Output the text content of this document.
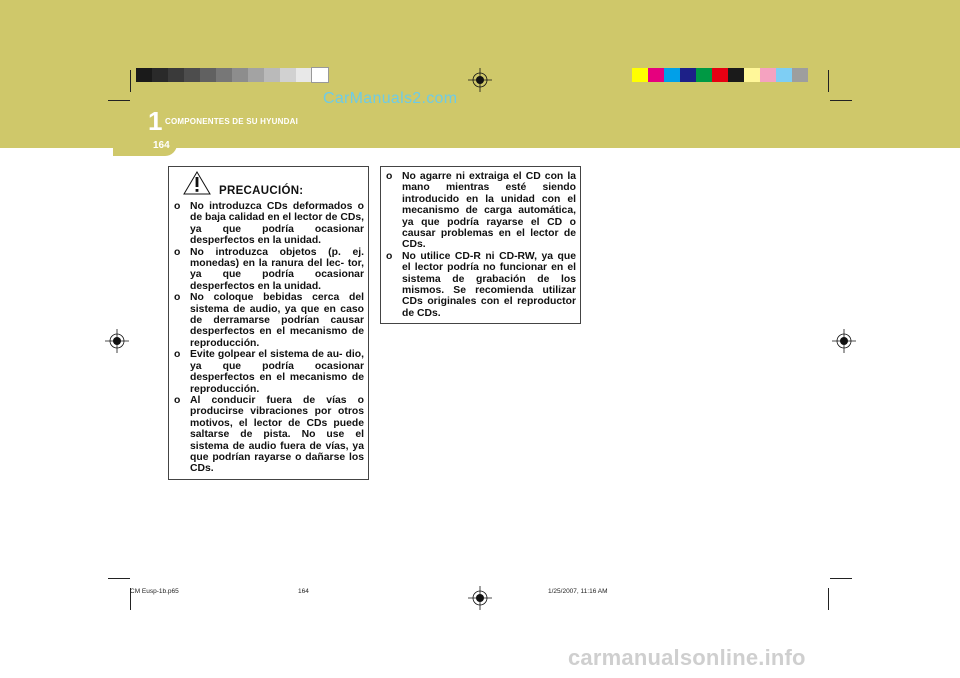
CarManuals2.com
1 COMPONENTES DE SU HYUNDAI
164
PRECAUCIÓN:
o No introduzca CDs deformados o de baja calidad en el lector de CDs, ya que podría ocasionar desperfectos en la unidad.
o No introduzca objetos (p. ej. monedas) en la ranura del lec- tor, ya que podría ocasionar desperfectos en la unidad.
o No coloque bebidas cerca del sistema de audio, ya que en caso de derramarse podrían causar desperfectos en el mecanismo de reproducción.
o Evite golpear el sistema de au- dio, ya que podría ocasionar desperfectos en el mecanismo de reproducción.
o Al conducir fuera de vías o producirse vibraciones por otros motivos, el lector de CDs puede saltarse de pista. No use el sistema de audio fuera de vías, ya que podrían rayarse o dañarse los CDs.
o No agarre ni extraiga el CD con la mano mientras esté siendo introducido en la unidad con el mecanismo de carga automática, ya que podría rayarse el CD o causar problemas en el lector de CDs.
o No utilice CD-R ni CD-RW, ya que el lector podría no funcionar en el sistema de grabación de los mismos. Se recomienda utilizar CDs originales con el reproductor de CDs.
CM Eusp-1b.p65	164	1/25/2007, 11:16 AM
carmanualsonline.info
